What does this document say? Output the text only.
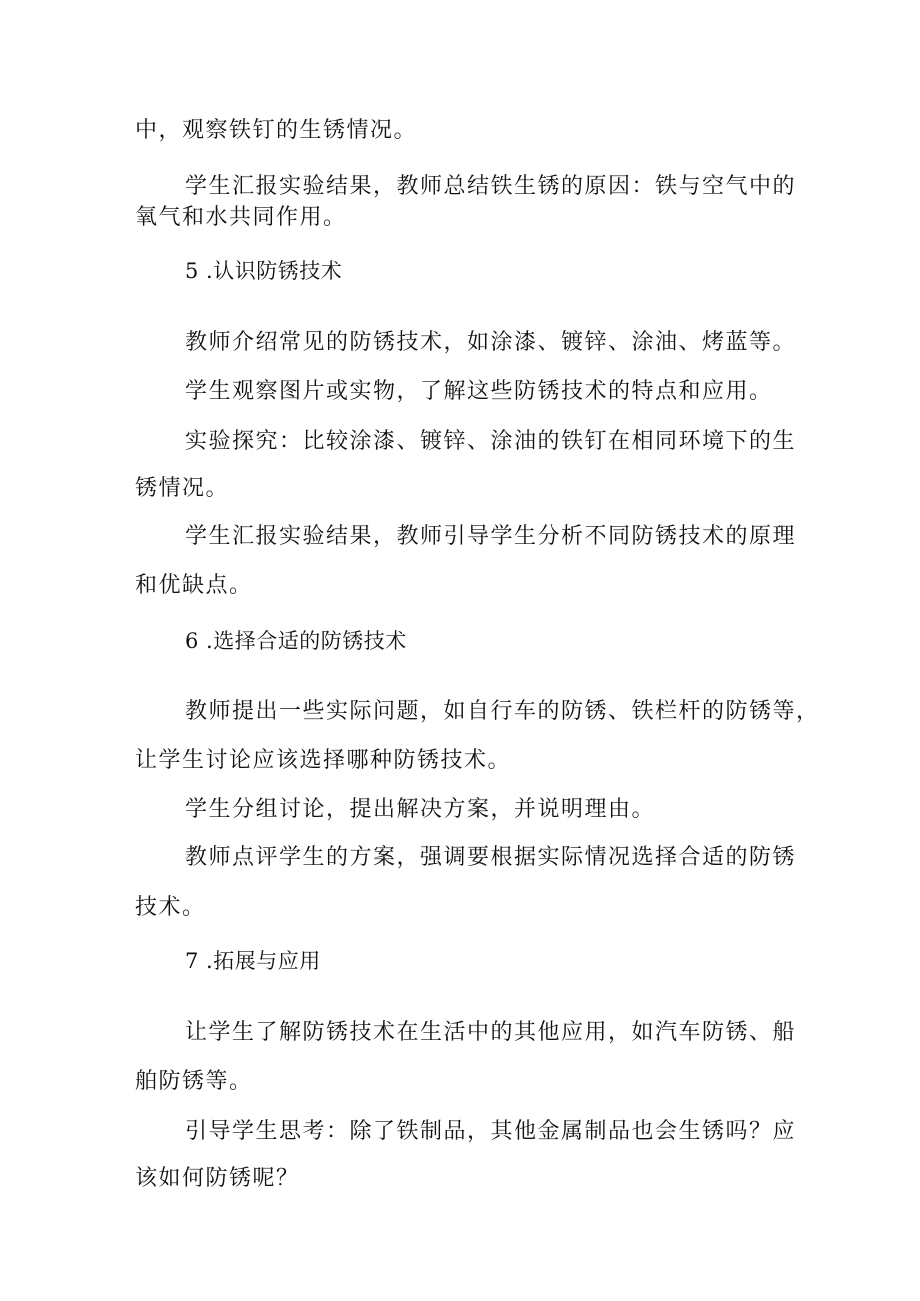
中，观察铁钉的生锈情况。

学生汇报实验结果，教师总结铁生锈的原因：铁与空气中的

氧气和水共同作用。

5 .认识防锈技术

教师介绍常见的防锈技术，如涂漆、镀锌、涂油、烤蓝等。

学生观察图片或实物，了解这些防锈技术的特点和应用。

实验探究：比较涂漆、镀锌、涂油的铁钉在相同环境下的生

锈情况。

学生汇报实验结果，教师引导学生分析不同防锈技术的原理

和优缺点。

6 .选择合适的防锈技术

教师提出一些实际问题，如自行车的防锈、铁栏杆的防锈等，

让学生讨论应该选择哪种防锈技术。

学生分组讨论，提出解决方案，并说明理由。

教师点评学生的方案，强调要根据实际情况选择合适的防锈

技术。

7 .拓展与应用

让学生了解防锈技术在生活中的其他应用，如汽车防锈、船

舶防锈等。

引导学生思考：除了铁制品，其他金属制品也会生锈吗？应

该如何防锈呢？
